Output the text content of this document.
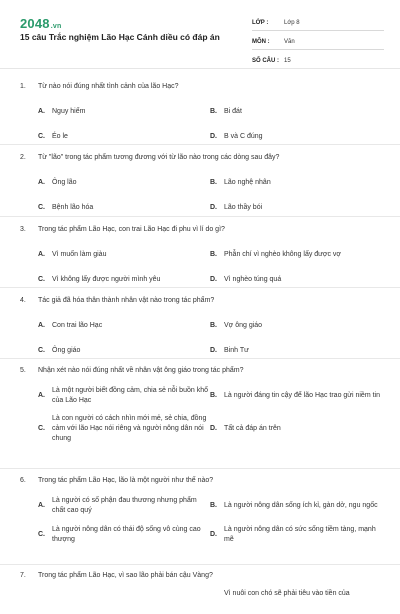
2048.vn
15 câu Trắc nghiệm Lão Hạc Cánh diều có đáp án
LỚP :	Lớp 8
MÔN :	Văn
SỐ CÂU : 15
1.	Từ nào nói đúng nhất tình cảnh của lão Hạc?
A.	Nguy hiểm	B.	Bi đát
C.	Éo le	D.	B và C đúng
2.	Từ "lão" trong tác phẩm tương đương với từ lão nào trong các dòng sau đây?
A.	Ông lão	B.	Lão nghệ nhân
C.	Bệnh lão hóa	D.	Lão thầy bói
3.	Trong tác phẩm Lão Hạc, con trai Lão Hạc đi phu vì lí do gì?
A.	Vì muốn làm giàu	B.	Phẫn chí vì nghèo không lấy được vợ
C.	Vì không lấy được người mình yêu	D.	Vì nghèo túng quá
4.	Tác giả đã hóa thân thành nhân vật nào trong tác phẩm?
A.	Con trai lão Hạc	B.	Vợ ông giáo
C.	Ông giáo	D.	Binh Tư
5.	Nhận xét nào nói đúng nhất về nhân vật ông giáo trong tác phẩm?
A.
Là một người biết đồng cảm, chia sẻ nỗi buồn khổ của Lão Hạc
B.	Là người đáng tin cậy để lão Hạc trao gửi niềm tin
C.
Là con người có cách nhìn mới mẻ, sẻ chia, đồng cảm với lão Hạc nói riêng và người nông dân nói chung
D.	Tất cả đáp án trên
6.	Trong tác phẩm Lão Hạc, lão là một người như thế nào?
A.
Là người có số phận đau thương nhưng phẩm chất cao quý
B.	Là người nông dân sống ích kỉ, gàn dở, ngu ngốc
C.
Là người nông dân có thái độ sống vô cùng cao thượng
D.
Là người nông dân có sức sống tiềm tàng, mạnh mẽ
7.	Trong tác phẩm Lão Hạc, vì sao lão phải bán cậu Vàng?
Vì nuôi con chó sẽ phải tiêu vào tiền của
